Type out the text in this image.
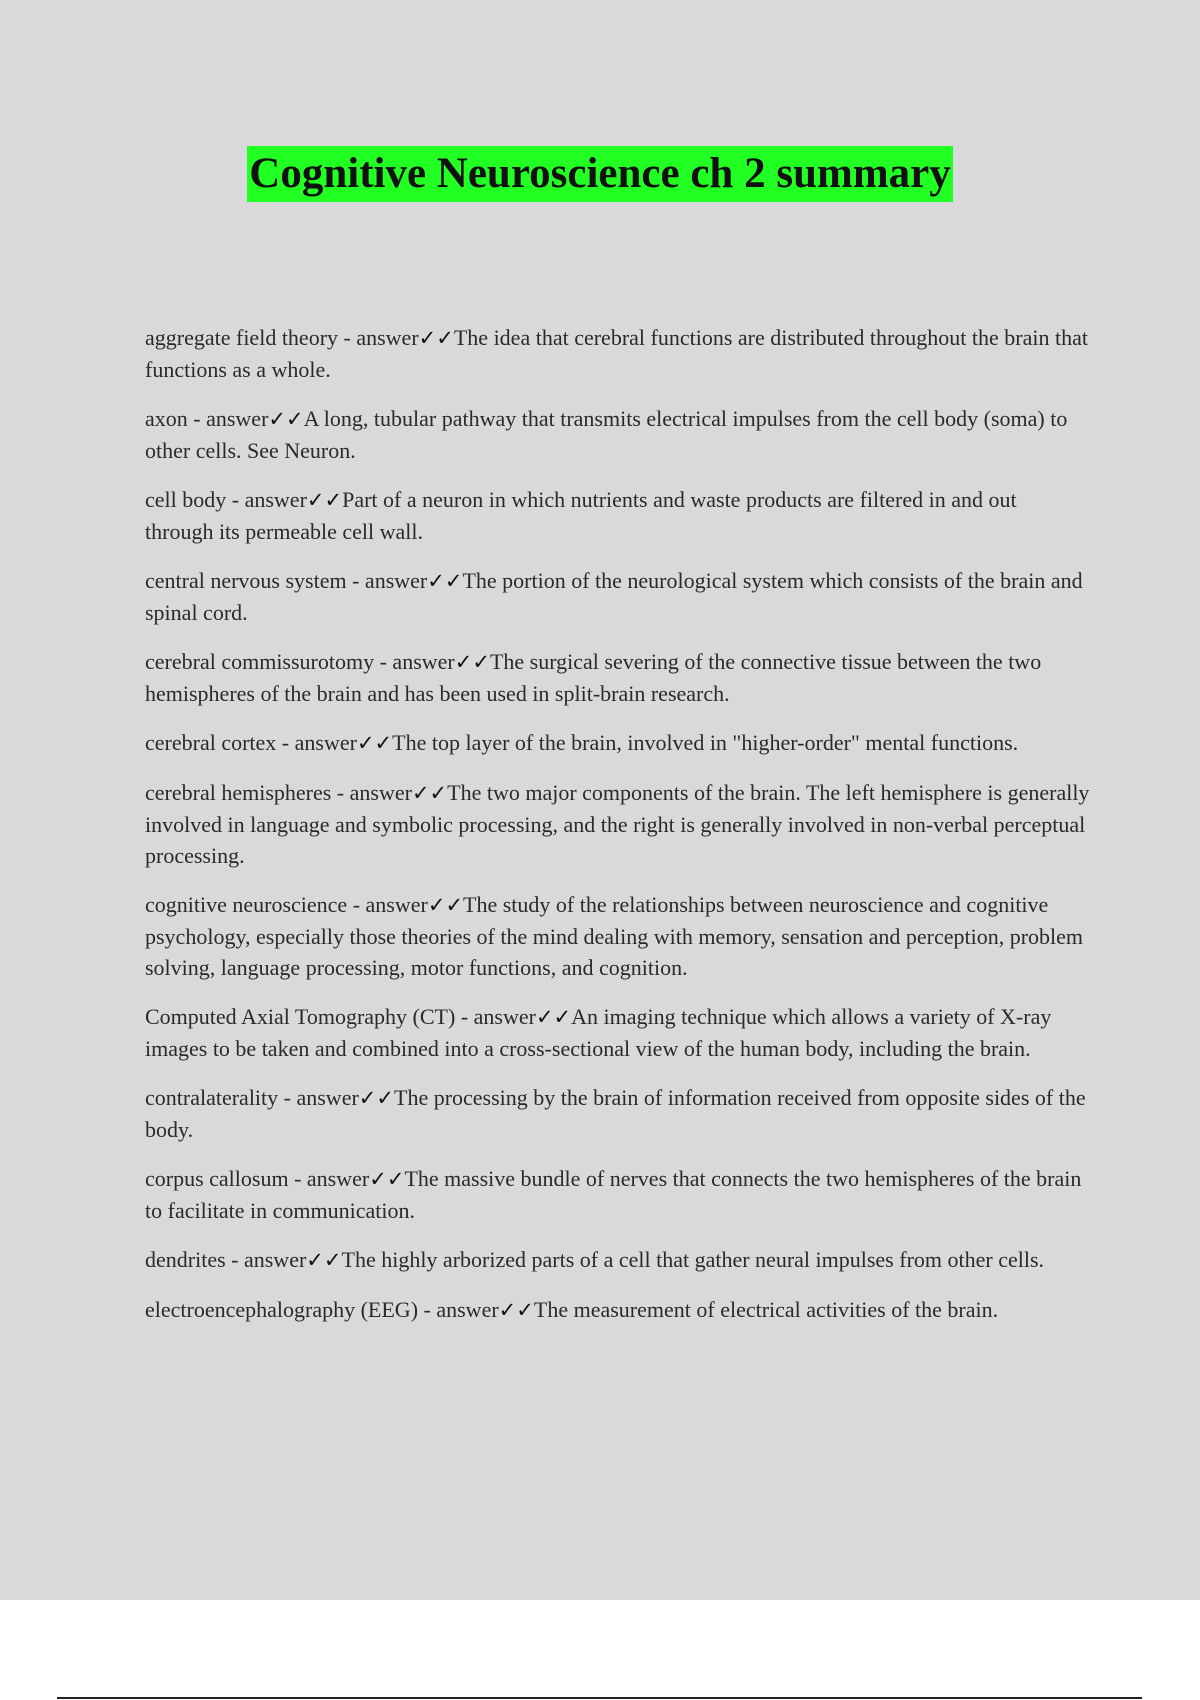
Cognitive Neuroscience ch 2 summary

aggregate field theory - answer✓✓The idea that cerebral functions are distributed throughout the brain that functions as a whole.

axon - answer✓✓A long, tubular pathway that transmits electrical impulses from the cell body (soma) to other cells. See Neuron.

cell body - answer✓✓Part of a neuron in which nutrients and waste products are filtered in and out through its permeable cell wall.

central nervous system - answer✓✓The portion of the neurological system which consists of the brain and spinal cord.

cerebral commissurotomy - answer✓✓The surgical severing of the connective tissue between the two hemispheres of the brain and has been used in split-brain research.

cerebral cortex - answer✓✓The top layer of the brain, involved in "higher-order" mental functions.

cerebral hemispheres - answer✓✓The two major components of the brain. The left hemisphere is generally involved in language and symbolic processing, and the right is generally involved in non-verbal perceptual processing.

cognitive neuroscience - answer✓✓The study of the relationships between neuroscience and cognitive psychology, especially those theories of the mind dealing with memory, sensation and perception, problem solving, language processing, motor functions, and cognition.

Computed Axial Tomography (CT) - answer✓✓An imaging technique which allows a variety of X-ray images to be taken and combined into a cross-sectional view of the human body, including the brain.

contralaterality - answer✓✓The processing by the brain of information received from opposite sides of the body.

corpus callosum - answer✓✓The massive bundle of nerves that connects the two hemispheres of the brain to facilitate in communication.

dendrites - answer✓✓The highly arborized parts of a cell that gather neural impulses from other cells.

electroencephalography (EEG) - answer✓✓The measurement of electrical activities of the brain.
